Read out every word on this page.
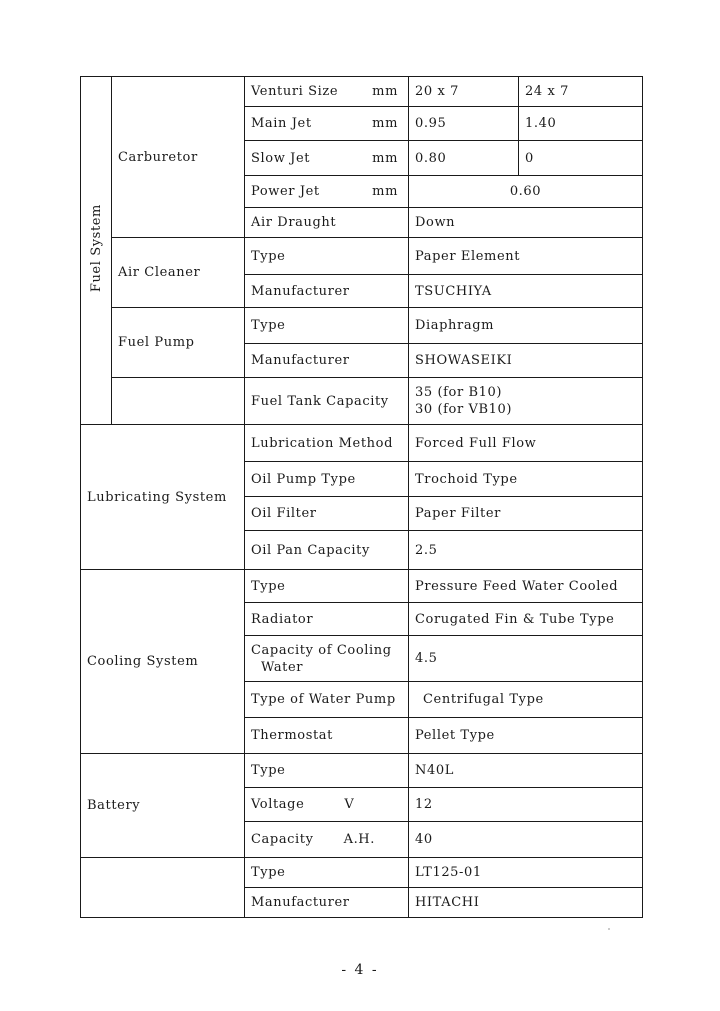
Fuel System	Carburetor	Venturi Size mm	20 x 7	24 x 7

		Main Jet mm	0.95	1.40

		Slow Jet mm	0.80	0

		Power Jet mm	0.60	
		Air Draught	Down	
	Air Cleaner	Type	Paper Element	
		Manufacturer	TSUCHIYA	
	Fuel Pump	Type	Diaphragm	
		Manufacturer	SHOWASEIKI	
		Fuel Tank Capacity	35 (for B10)
30 (for VB10)	

Lubricating System		Lubrication Method	Forced Full Flow	
		Oil Pump Type	Trochoid Type	
		Oil Filter	Paper Filter	
		Oil Pan Capacity	2.5	
Cooling System		Type	Pressure Feed Water Cooled	
		Radiator	Corugated Fin & Tube Type	

		Capacity of Cooling
Water	4.5	
		Type of Water Pump	Centrifugal Type	
		Thermostat	Pellet Type	
Battery		Type	N40L	
		Voltage V	12	
		Capacity A.H.	40	
		Type	LT125-01	
		Manufacturer	HITACHI	
- 4 -
